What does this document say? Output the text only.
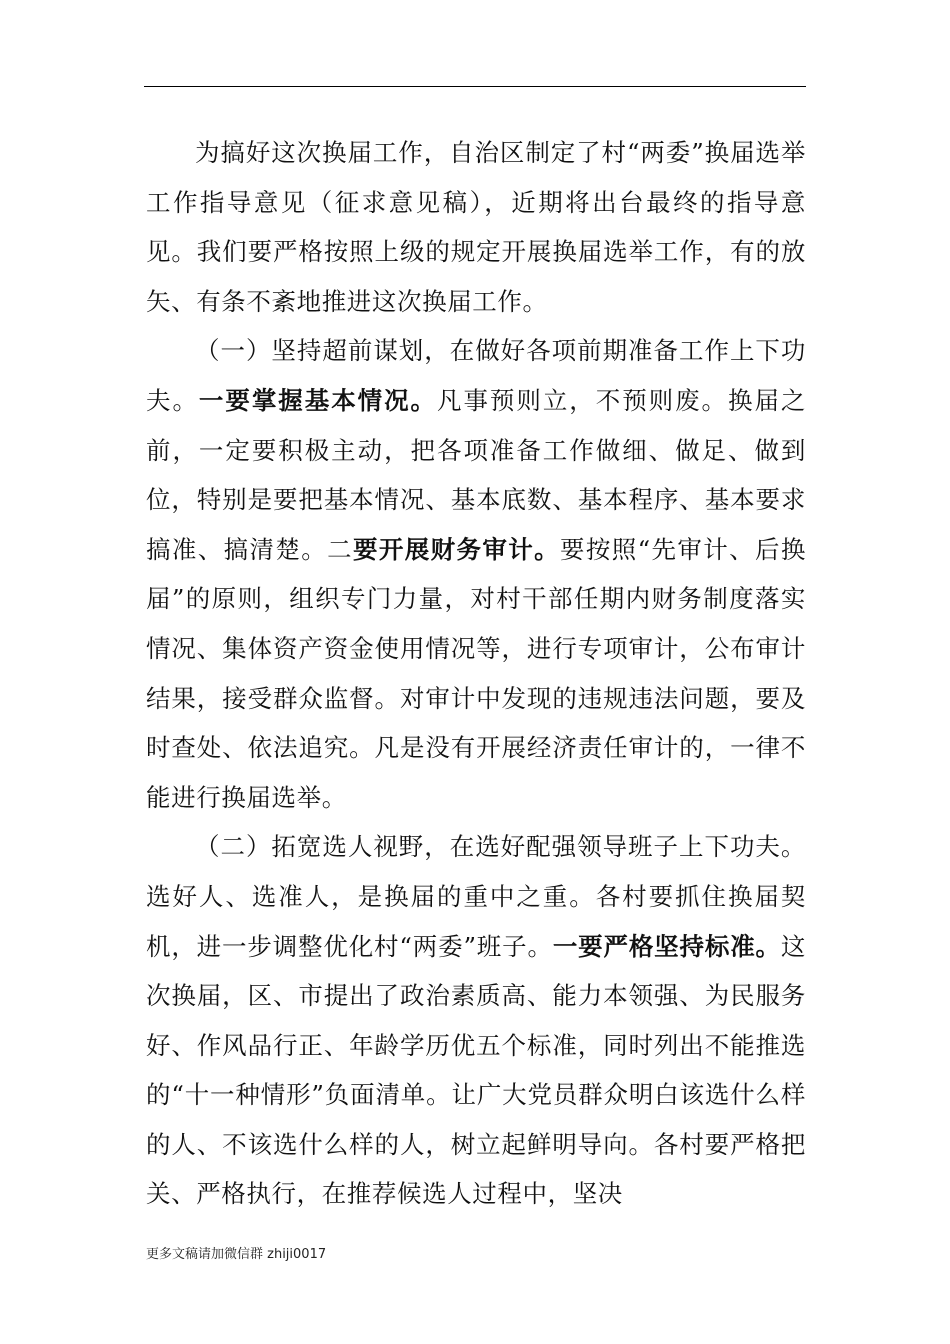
为搞好这次换届工作，自治区制定了村“两委”换届选举工作指导意见（征求意见稿），近期将出台最终的指导意见。我们要严格按照上级的规定开展换届选举工作，有的放矢、有条不紊地推进这次换届工作。

（一）坚持超前谋划，在做好各项前期准备工作上下功夫。一要掌握基本情况。凡事预则立，不预则废。换届之前，一定要积极主动，把各项准备工作做细、做足、做到位，特别是要把基本情况、基本底数、基本程序、基本要求搞准、搞清楚。二要开展财务审计。要按照“先审计、后换届”的原则，组织专门力量，对村干部任期内财务制度落实情况、集体资产资金使用情况等，进行专项审计，公布审计结果，接受群众监督。对审计中发现的违规违法问题，要及时查处、依法追究。凡是没有开展经济责任审计的，一律不能进行换届选举。

（二）拓宽选人视野，在选好配强领导班子上下功夫。选好人、选准人，是换届的重中之重。各村要抓住换届契机，进一步调整优化村“两委”班子。一要严格坚持标准。这次换届，区、市提出了政治素质高、能力本领强、为民服务好、作风品行正、年龄学历优五个标准，同时列出不能推选的“十一种情形”负面清单。让广大党员群众明白该选什么样的人、不该选什么样的人，树立起鲜明导向。各村要严格把关、严格执行，在推荐候选人过程中，坚决

更多文稿请加微信群 zhiji0017
